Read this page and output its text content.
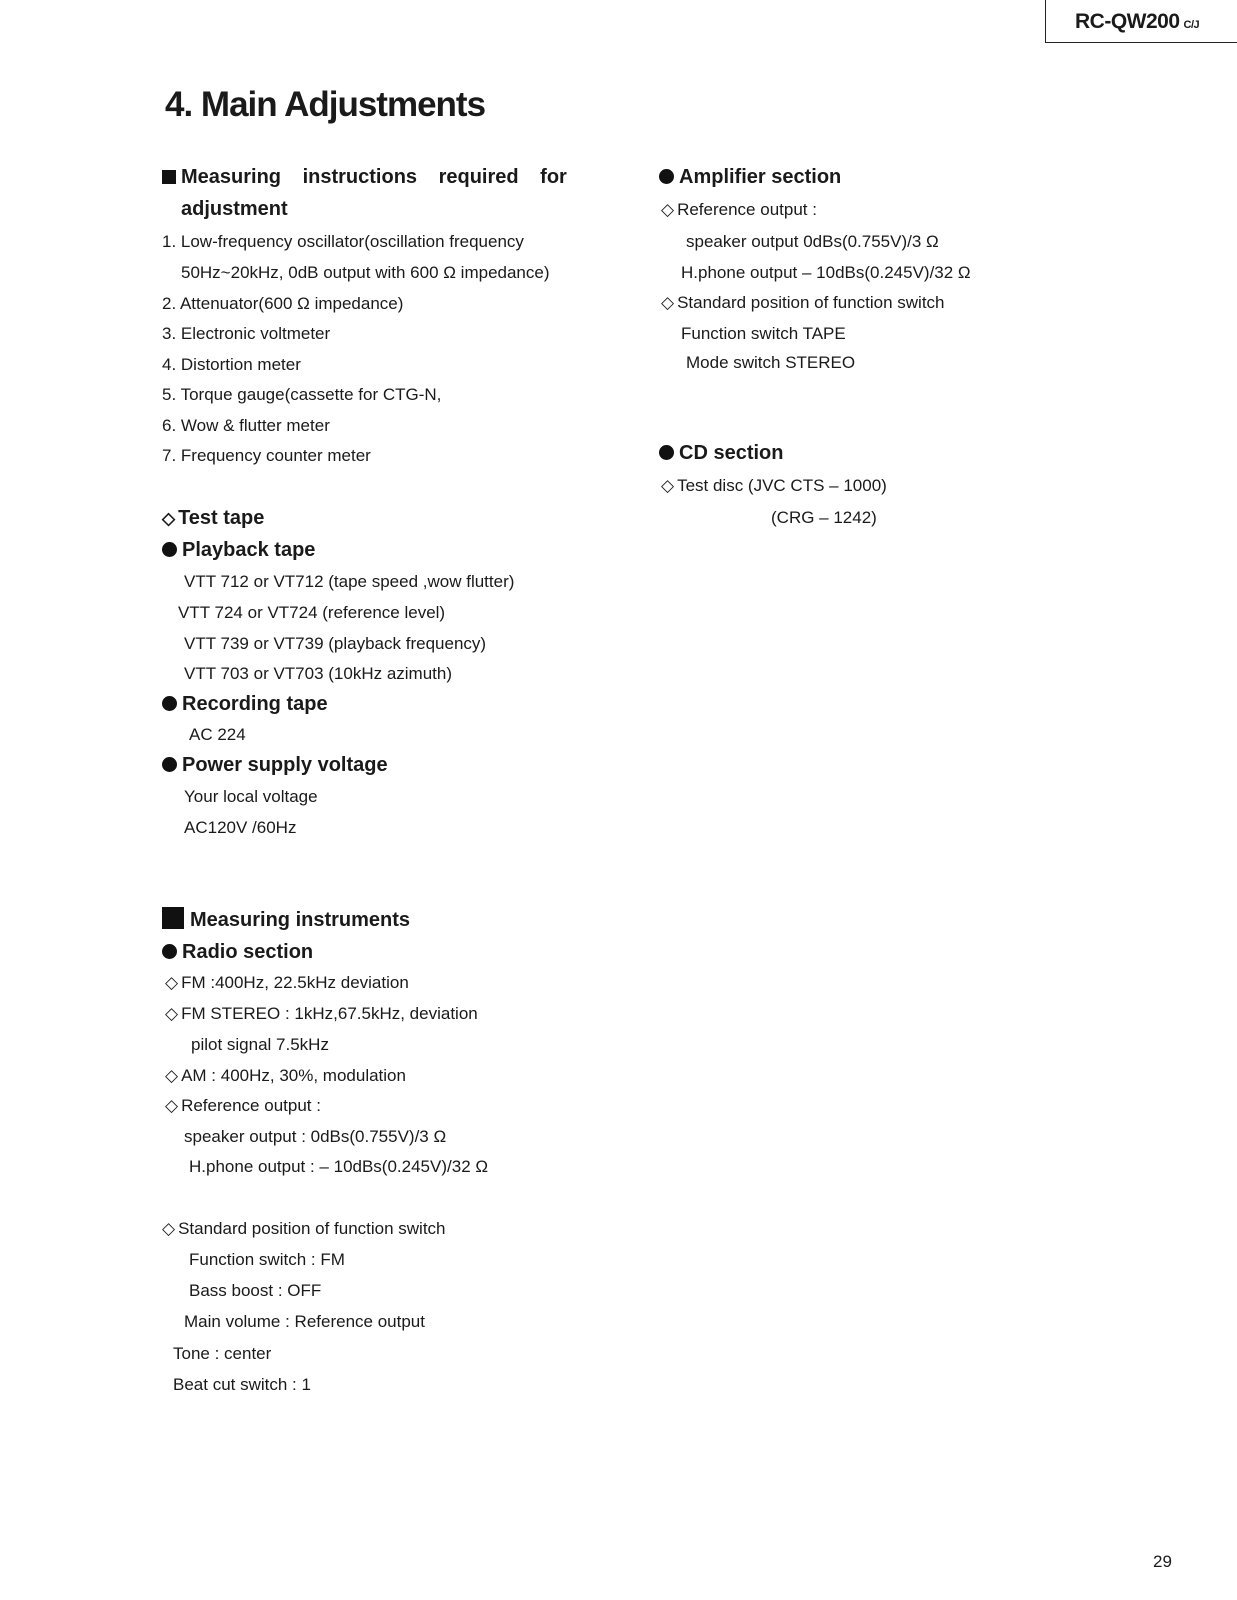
RC-QW200 C/J
4. Main Adjustments
Measuring instructions required for
adjustment
1. Low-frequency oscillator(oscillation frequency
50Hz~20kHz, 0dB output with 600 Ω impedance)
2. Attenuator(600 Ω impedance)
3. Electronic voltmeter
4. Distortion meter
5. Torque gauge(cassette for CTG-N,
6. Wow & flutter meter
7. Frequency counter meter
◇ Test tape
Playback tape
VTT 712 or VT712 (tape speed ,wow flutter)
VTT 724 or VT724 (reference level)
VTT 739 or VT739 (playback frequency)
VTT 703 or VT703 (10kHz azimuth)
Recording tape
AC 224
Power supply voltage
Your local voltage
AC120V /60Hz
Measuring instruments
Radio section
◇ FM :400Hz, 22.5kHz deviation
◇ FM STEREO : 1kHz,67.5kHz, deviation
pilot signal 7.5kHz
◇ AM : 400Hz, 30%, modulation
◇ Reference output :
speaker output : 0dBs(0.755V)/3 Ω
H.phone output : – 10dBs(0.245V)/32 Ω
◇ Standard position of function switch
Function switch : FM
Bass boost : OFF
Main volume : Reference output
Tone : center
Beat cut switch : 1
Amplifier section
◇ Reference output :
speaker output 0dBs(0.755V)/3 Ω
H.phone output – 10dBs(0.245V)/32 Ω
◇ Standard position of function switch
Function switch TAPE
Mode switch STEREO
CD section
◇ Test disc (JVC CTS – 1000)
(CRG – 1242)
29
